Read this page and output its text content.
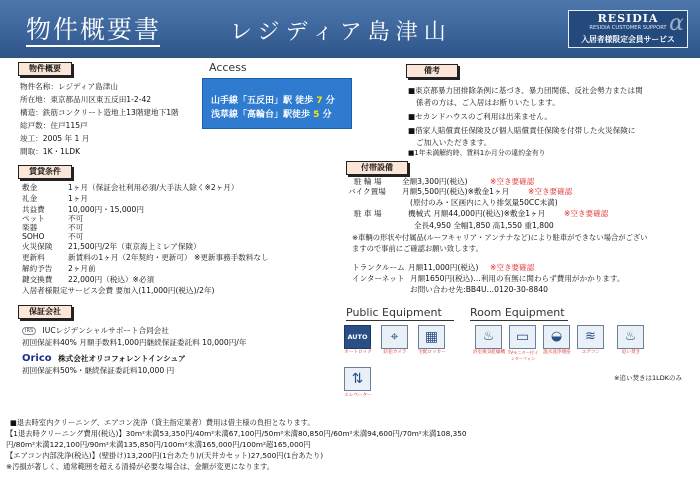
物件概要書	レジディア島津山
RESIDIA
RESIDIA CUSTOMER SUPPORT
入居者様限定会員サービス
α
物件概要
物件名称：レジディア島津山
所在地：東京都品川区東五反田1-2-42
構造：鉄筋コンクリート造地上13階建地下1階
総戸数：住戸115戸
竣工：2005 年 1 月
間取：1K・1LDK
Access
山手線「五反田」駅 徒歩 7 分
浅草線「高輪台」駅徒歩 5 分
備考
■東京都暴力団排除条例に基づき、暴力団関係、反社会勢力または関
係者の方は、ご入居はお断りいたします。
■セカンドハウスのご利用は出来ません。
■借家人賠償責任保険及び個人賠償責任保険を付帯した火災保険に
ご加入いただきます。
■1年未満解約時、賃料1か月分の違約金有り
賃貸条件
敷金	1ヶ月（保証会社利用必須/大手法人除く※2ヶ月）
礼金	1ヶ月
共益費	10,000円・15,000円
ペット	不可
楽器	不可
SOHO	不可
火災保険 21,500円/2年（東京海上ミレア保険）
更新料	新賃料の1ヶ月（2年契約・更新可） ※更新事務手数料なし
解約予告 2ヶ月前
鍵交換費 22,000円（税込）※必須
入居者様限定サービス会費 要加入(11,000円(税込)/2年)
付帯設備
駐 輪 場	全額3,300円(税込)	※空き要確認
バイク置場 月額5,500円(税込)※敷金1ヶ月 ※空き要確認
(原付のみ・区画内に入り排気量50CC未満)
駐 車 場	機械式 月額44,000円(税込)※敷金1ヶ月 ※空き要確認
全長4,950 全幅1,850 高1,550 重1,800
※車輌の形状や付属品(ルーフキャリア・アンテナなど)により駐車ができない場合がござい
ますので事前にご確認お願い致します。
トランクルーム 月額11,000円(税込) ※空き要確認
インターネット 月額1650円(税込)…利用の有無に関わらず費用がかかります。
お問い合わせ先:BB4U…0120-30-8840
保証会社
IRS IUCレジデンシャルサポート合同会社
初回保証料40% 月額手数料1,000円継続保証委託料 10,000円/年
Orico 株式会社オリコフォレントインシュア
初回保証料50%・継続保証委託料10,000 円
Public Equipment
AUTO
オートロック
⌖
防犯カメラ
▦
宅配ロッカー
⇅
エレベーター
Room Equipment
♨
浴室換気乾燥機
▭
TVモニター付インターフォン
◒
温水洗浄便座
≋
エアコン
♨
追い焚き
※追い焚きは1LDKのみ
■退去時室内クリーニング、エアコン洗浄（貸主指定業者）費用は借主様の負担となります。
【1退去時クリーニング費用(税込)】30m²未満53,350円/40m²未満67,100円/50m²未満80,850円/60m²未満94,600円/70m²未満108,350
円/80m²未満122,100円/90m²未満135,850円/100m²未満165,000円/100m²超165,000円
【エアコン内部洗浄(税込)】(壁掛け)13,200円(1台あたり)/(天井カセット)27,500円(1台あたり)
※汚損が著しく、通常範囲を超える清掃が必要な場合は、金額が変更になります。
